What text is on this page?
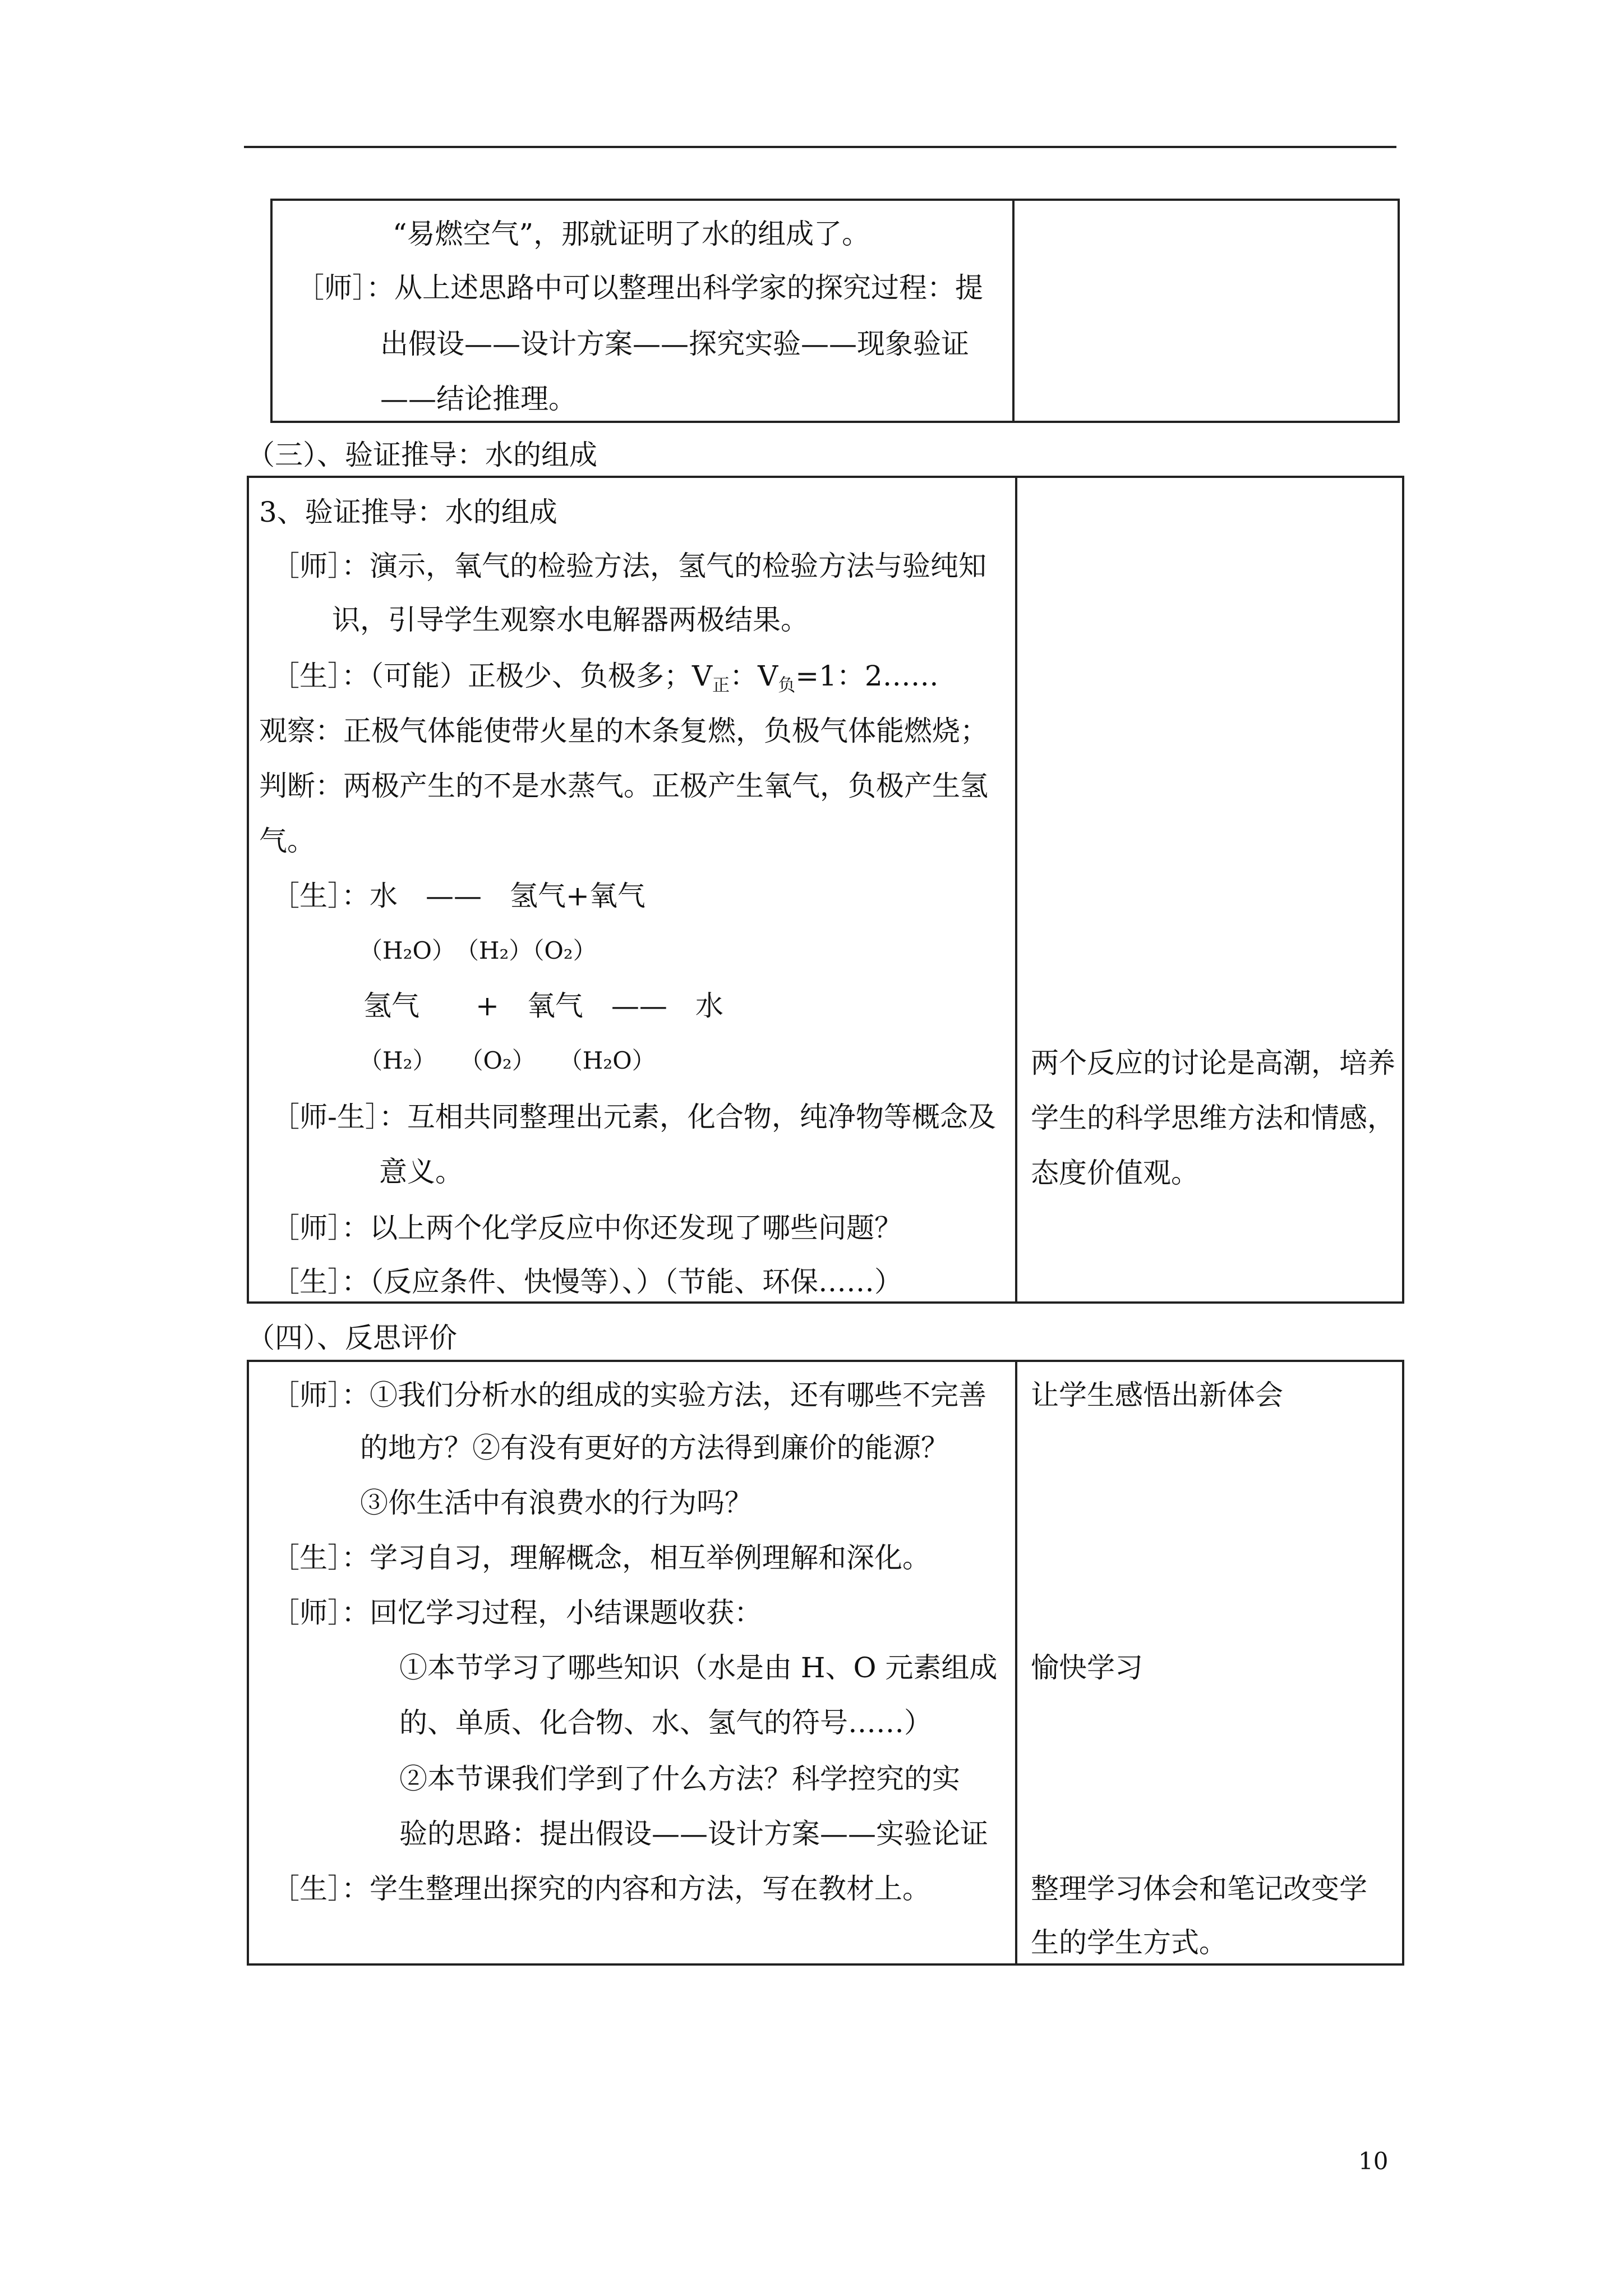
“易燃空气”，那就证明了水的组成了。
［师］：从上述思路中可以整理出科学家的探究过程：提
出假设——设计方案——探究实验——现象验证
——结论推理。
（三）、验证推导：水的组成
3、验证推导：水的组成
［师］：演示，氧气的检验方法，氢气的检验方法与验纯知
识，引导学生观察水电解器两极结果。
［生］：（可能）正极少、负极多；$V_正$：$V_负=1$：2……
观察：正极气体能使带火星的木条复燃，负极气体能燃烧；
判断：两极产生的不是水蒸气。正极产生氧气，负极产生氢
气。
［生］：水　——　氢气+氧气
（H₂O）　（H₂）（O₂）
氢气　　+　氧气　——　水
（H₂）　　（O₂）　　（H₂O）
［师-生］：互相共同整理出元素，化合物，纯净物等概念及
意义。
［师］：以上两个化学反应中你还发现了哪些问题？
［生］：（反应条件、快慢等）、）（节能、环保……）
两个反应的讨论是高潮，培养
学生的科学思维方法和情感，
态度价值观。
（四）、反思评价
［师］：①我们分析水的组成的实验方法，还有哪些不完善
的地方？②有没有更好的方法得到廉价的能源？
③你生活中有浪费水的行为吗？
［生］：学习自习，理解概念，相互举例理解和深化。
［师］：回忆学习过程，小结课题收获：
①本节学习了哪些知识（水是由 H、O 元素组成
的、单质、化合物、水、氢气的符号……）
②本节课我们学到了什么方法？科学控究的实
验的思路：提出假设——设计方案——实验论证
［生］：学生整理出探究的内容和方法，写在教材上。
让学生感悟出新体会
愉快学习
整理学习体会和笔记改变学
生的学生方式。
10
